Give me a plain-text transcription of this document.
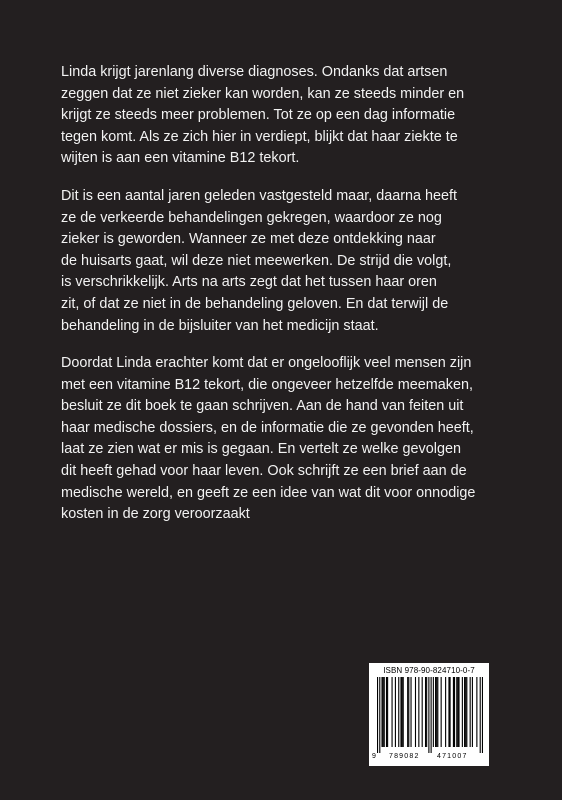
Linda krijgt jarenlang diverse diagnoses. Ondanks dat artsen
zeggen dat ze niet zieker kan worden, kan ze steeds minder en
krijgt ze steeds meer problemen. Tot ze op een dag informatie
tegen komt. Als ze zich hier in verdiept, blijkt dat haar ziekte te
wijten is aan een vitamine B12 tekort.

Dit is een aantal jaren geleden vastgesteld maar, daarna heeft
ze de verkeerde behandelingen gekregen, waardoor ze nog
zieker is geworden. Wanneer ze met deze ontdekking naar
de huisarts gaat, wil deze niet meewerken. De strijd die volgt,
is verschrikkelijk. Arts na arts zegt dat het tussen haar oren
zit, of dat ze niet in de behandeling geloven. En dat terwijl de
behandeling in de bijsluiter van het medicijn staat.

Doordat Linda erachter komt dat er ongelooflijk veel mensen zijn
met een vitamine B12 tekort, die ongeveer hetzelfde meemaken,
besluit ze dit boek te gaan schrijven. Aan de hand van feiten uit
haar medische dossiers, en de informatie die ze gevonden heeft,
laat ze zien wat er mis is gegaan. En vertelt ze welke gevolgen
dit heeft gehad voor haar leven. Ook schrijft ze een brief aan de
medische wereld, en geeft ze een idee van wat dit voor onnodige
kosten in de zorg veroorzaakt

ISBN 978-90-824710-0-7
9 789082 471007
